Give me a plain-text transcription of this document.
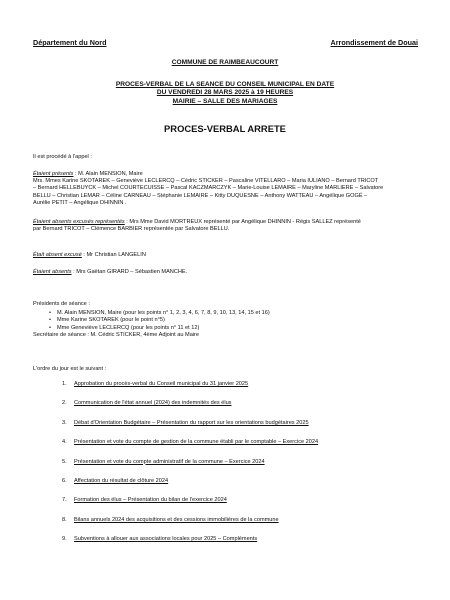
Département du Nord	Arrondissement de Douai
COMMUNE DE RAIMBEAUCOURT
PROCES-VERBAL DE LA SEANCE DU CONSEIL MUNICIPAL EN DATE
DU VENDREDI 28 MARS 2025 à 19 HEURES
MAIRIE – SALLE DES MARIAGES
PROCES-VERBAL ARRETE
Il est procédé à l'appel :
Étaient présents : M. Alain MENSION, Maire
Mrs. Mmes Karine SKOTAREK – Geneviève LECLERCQ – Cédric STICKER – Pascaline VITELLARO – Maria IULIANO – Bernard TRICOT
– Bernard HELLEBUYCK – Michel COURTECUISSE – Pascal KACZMARCZYK – Marie-Louise LEMAIRE – Maryline MARLIERE – Salvatore
BELLU – Christian LEMAR – Céline CARNEAU – Stéphanie LEMAIRE – Kitty DUQUESNE – Anthony WATTEAU – Angélique GOGÉ –
Aurélie PETIT – Angélique DHINNIN .
Étaient absents excusés représentés : Mrs Mme David MORTREUX représenté par Angélique DHINNIN - Régis SALLEZ représenté
par Bernard TRICOT – Clémence BARBIER représentée par Salvatore BELLU.
Était absent excusé : Mr Christian LANGELIN
Étaient absents : Mrs Gaëtan GIRARD – Sébastien MANCHE.
Présidents de séance :
• M. Alain MENSION, Maire (pour les points n° 1, 2, 3, 4, 6, 7, 8, 9, 10, 13, 14, 15 et 16)
• Mme Karine SKOTAREK (pour le point n°5)
• Mme Geneviève LECLERCQ (pour les points n° 11 et 12)
Secrétaire de séance : M. Cédric STICKER, 4ème Adjoint au Maire
L'ordre du jour est le suivant :
1.	Approbation du procès-verbal du Conseil municipal du 31 janvier 2025
2.	Communication de l'état annuel (2024) des indemnités des élus
3.	Débat d'Orientation Budgétaire – Présentation du rapport sur les orientations budgétaires 2025
4.	Présentation et vote du compte de gestion de la commune établi par le comptable – Exercice 2024
5.	Présentation et vote du compte administratif de la commune – Exercice 2024
6.	Affectation du résultat de clôture 2024
7.	Formation des élus – Présentation du bilan de l'exercice 2024
8.	Bilans annuels 2024 des acquisitions et des cessions immobilières de la commune
9.	Subventions à allouer aux associations locales pour 2025 – Compléments
